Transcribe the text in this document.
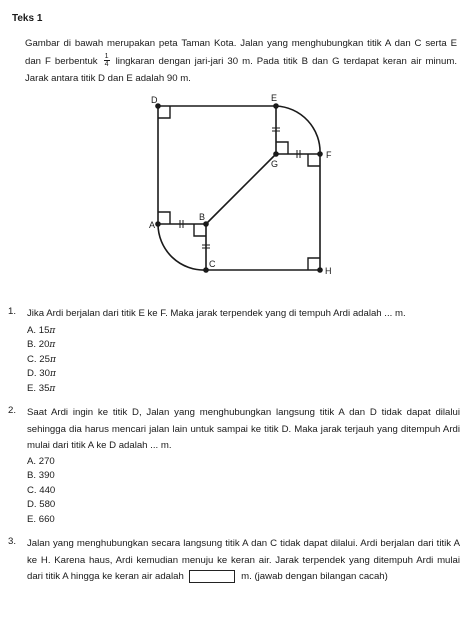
Teks 1
Gambar di bawah merupakan peta Taman Kota. Jalan yang menghubungkan titik A dan C serta E dan F berbentuk $\frac{1}{4}$ lingkaran dengan jari-jari 30 m. Pada titik B dan G terdapat keran air minum. Jarak antara titik D dan E adalah 90 m.
D	E
G
F
A
B
C
H
1. Jika Ardi berjalan dari titik E ke F. Maka jarak terpendek yang di tempuh Ardi adalah ... m.
A. 15π
B. 20π
C. 25π
D. 30π
E. 35π
2. Saat Ardi ingin ke titik D, Jalan yang menghubungkan langsung titik A dan D tidak dapat dilalui sehingga dia harus mencari jalan lain untuk sampai ke titik D. Maka jarak terjauh yang ditempuh Ardi mulai dari titik A ke D adalah ... m.
A. 270
B. 390
C. 440
D. 580
E. 660
3. Jalan yang menghubungkan secara langsung titik A dan C tidak dapat dilalui. Ardi berjalan dari titik A ke H. Karena haus, Ardi kemudian menuju ke keran air. Jarak terpendek yang ditempuh Ardi mulai dari titik A hingga ke keran air adalah	m. (jawab dengan bilangan cacah)
